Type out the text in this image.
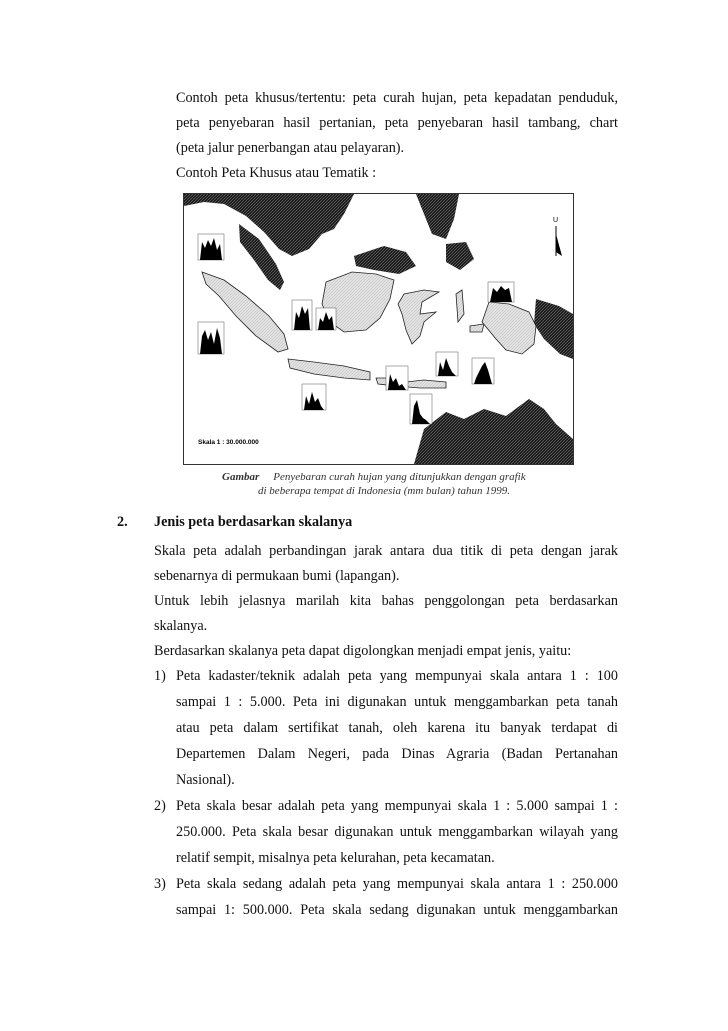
Contoh peta khusus/tertentu: peta curah hujan, peta kepadatan penduduk,
peta penyebaran hasil pertanian, peta penyebaran hasil tambang, chart
(peta jalur penerbangan atau pelayaran).
Contoh Peta Khusus atau Tematik :
U
Skala 1 : 30.000.000
Gambar Penyebaran curah hujan yang ditunjukkan dengan grafik
di beberapa tempat di Indonesia (mm bulan) tahun 1999.
2. Jenis peta berdasarkan skalanya
Skala peta adalah perbandingan jarak antara dua titik di peta dengan jarak
sebenarnya di permukaan bumi (lapangan).
Untuk lebih jelasnya marilah kita bahas penggolongan peta berdasarkan
skalanya.
Berdasarkan skalanya peta dapat digolongkan menjadi empat jenis, yaitu:
1) Peta kadaster/teknik adalah peta yang mempunyai skala antara 1 : 100
sampai 1 : 5.000. Peta ini digunakan untuk menggambarkan peta tanah
atau peta dalam sertifikat tanah, oleh karena itu banyak terdapat di
Departemen Dalam Negeri, pada Dinas Agraria (Badan Pertanahan
Nasional).
2) Peta skala besar adalah peta yang mempunyai skala 1 : 5.000 sampai 1 :
250.000. Peta skala besar digunakan untuk menggambarkan wilayah yang
relatif sempit, misalnya peta kelurahan, peta kecamatan.
3) Peta skala sedang adalah peta yang mempunyai skala antara 1 : 250.000
sampai 1: 500.000. Peta skala sedang digunakan untuk menggambarkan
